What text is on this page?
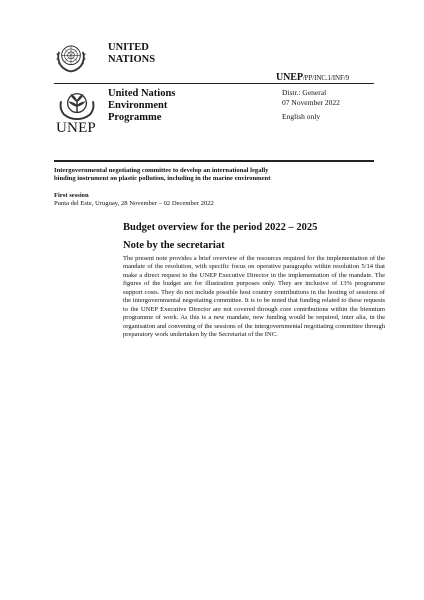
UNITED
NATIONS
UNEP/PP/INC.1/INF/9
UNEP
United Nations
Environment
Programme
Distr.: General
07 November 2022
English only
Intergovernmental negotiating committee to develop an international legally binding instrument on plastic pollution, including in the marine environment
First session
Punta del Este, Uruguay, 28 November – 02 December 2022
Budget overview for the period 2022 – 2025
Note by the secretariat
The present note provides a brief overview of the resources required for the implementation of the mandate of the resolution, with specific focus on operative paragraphs within resolution 5/14 that make a direct request to the UNEP Executive Director in the implementation of the mandate. The figures of the budget are for illustration purposes only. They are inclusive of 13% programme support costs. They do not include possible host country contributions in the hosting of sessions of the intergovernmental negotiating committee. It is to be noted that funding related to these requests to the UNEP Executive Director are not covered through core contributions within the biennium programme of work. As this is a new mandate, new funding would be required, inter alia, in the organisation and convening of the sessions of the intergovernmental negotiating committee through preparatory work undertaken by the Secretariat of the INC.
